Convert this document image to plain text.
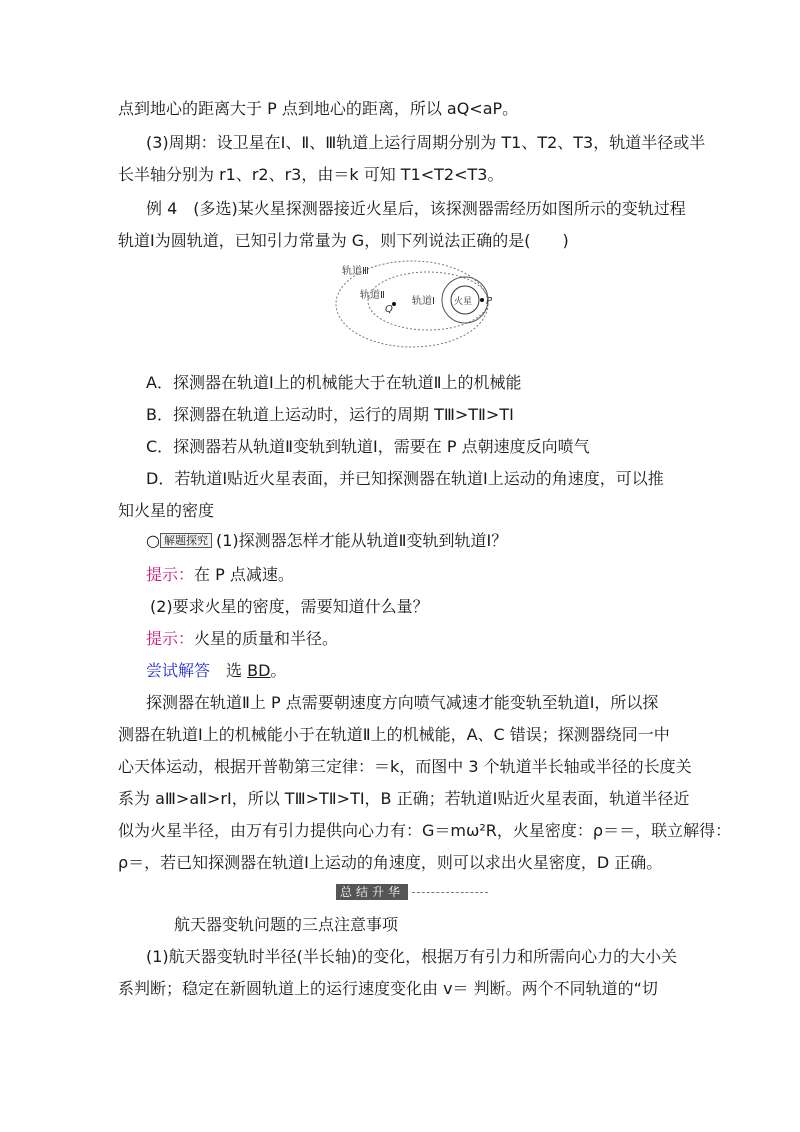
点到地心的距离大于 P 点到地心的距离，所以 aQ<aP。
(3)周期：设卫星在Ⅰ、Ⅱ、Ⅲ轨道上运行周期分别为 T1、T2、T3，轨道半径或半
长半轴分别为 r1、r2、r3，由＝k 可知 T1<T2<T3。
例 4　(多选)某火星探测器接近火星后，该探测器需经历如图所示的变轨过程
轨道Ⅰ为圆轨道，已知引力常量为 G，则下列说法正确的是(　　)
轨道Ⅲ
轨道Ⅱ
轨道Ⅰ 火星 P
Q
A．探测器在轨道Ⅰ上的机械能大于在轨道Ⅱ上的机械能
B．探测器在轨道上运动时，运行的周期 TⅢ>TⅡ>TⅠ
C．探测器若从轨道Ⅱ变轨到轨道Ⅰ，需要在 P 点朝速度反向喷气
D．若轨道Ⅰ贴近火星表面，并已知探测器在轨道Ⅰ上运动的角速度，可以推
知火星的密度
○ 解题探究 (1)探测器怎样才能从轨道Ⅱ变轨到轨道Ⅰ？
提示：在 P 点减速。
(2)要求火星的密度，需要知道什么量？
提示：火星的质量和半径。
尝试解答　 选 BD。
探测器在轨道Ⅱ上 P 点需要朝速度方向喷气减速才能变轨至轨道Ⅰ，所以探
测器在轨道Ⅰ上的机械能小于在轨道Ⅱ上的机械能，A、C 错误；探测器绕同一中
心天体运动，根据开普勒第三定律：＝k，而图中 3 个轨道半长轴或半径的长度关
系为 aⅢ>aⅡ>rⅠ，所以 TⅢ>TⅡ>TⅠ，B 正确；若轨道Ⅰ贴近火星表面，轨道半径近
似为火星半径，由万有引力提供向心力有：G＝mω²R，火星密度：ρ＝＝，联立解得：
ρ＝，若已知探测器在轨道Ⅰ上运动的角速度，则可以求出火星密度，D 正确。
总结升华
航天器变轨问题的三点注意事项
(1)航天器变轨时半径(半长轴)的变化，根据万有引力和所需向心力的大小关
系判断；稳定在新圆轨道上的运行速度变化由 v＝ 判断。两个不同轨道的“切
